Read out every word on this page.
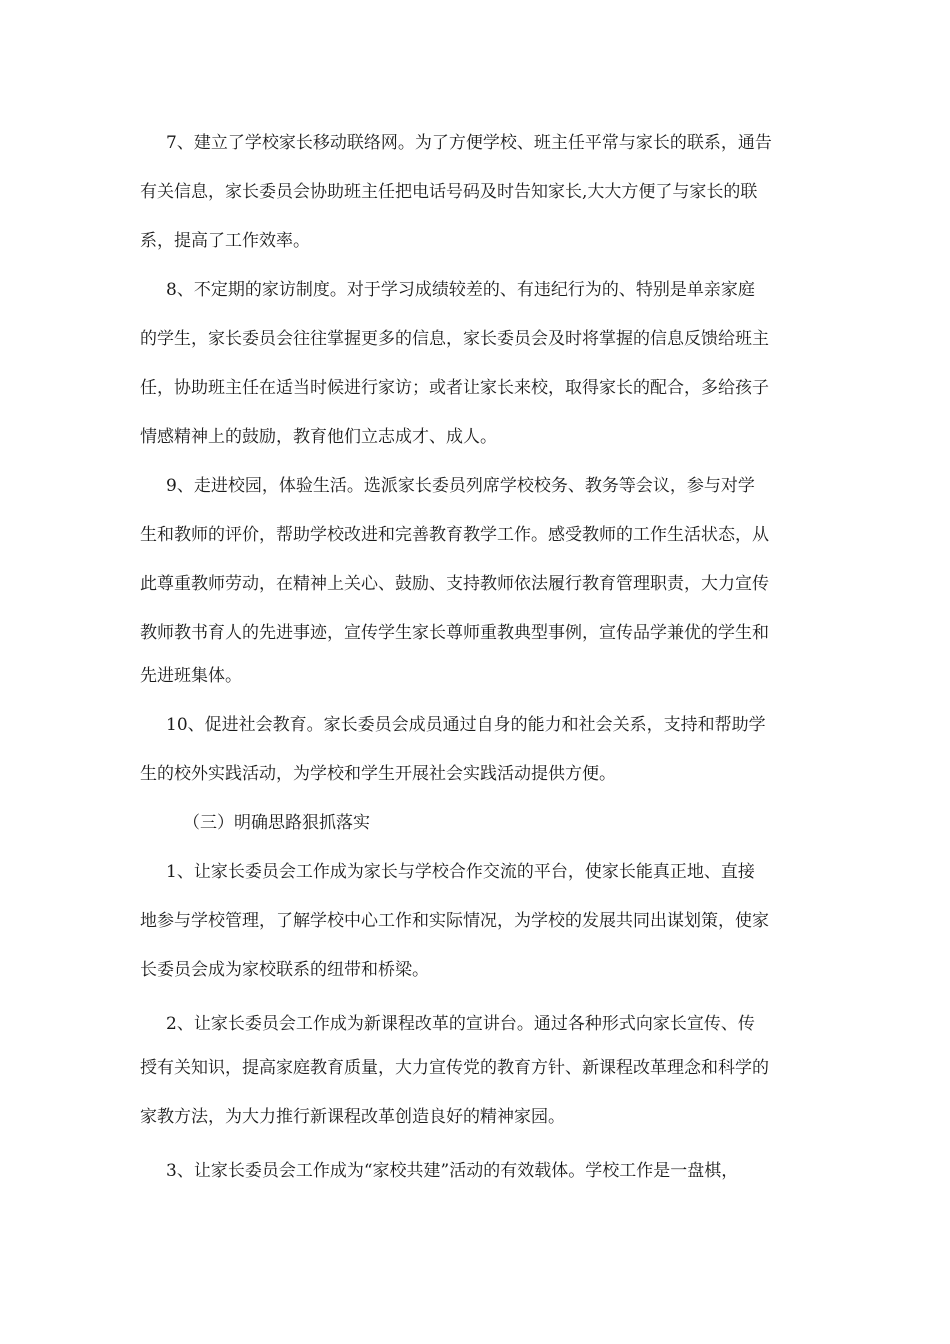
7、建立了学校家长移动联络网。为了方便学校、班主任平常与家长的联系，通告
有关信息，家长委员会协助班主任把电话号码及时告知家长,大大方便了与家长的联
系，提高了工作效率。
8、不定期的家访制度。对于学习成绩较差的、有违纪行为的、特别是单亲家庭
的学生，家长委员会往往掌握更多的信息，家长委员会及时将掌握的信息反馈给班主
任，协助班主任在适当时候进行家访；或者让家长来校，取得家长的配合，多给孩子
情感精神上的鼓励，教育他们立志成才、成人。
9、走进校园，体验生活。选派家长委员列席学校校务、教务等会议，参与对学
生和教师的评价，帮助学校改进和完善教育教学工作。感受教师的工作生活状态，从
此尊重教师劳动，在精神上关心、鼓励、支持教师依法履行教育管理职责，大力宣传
教师教书育人的先进事迹，宣传学生家长尊师重教典型事例，宣传品学兼优的学生和
先进班集体。
10、促进社会教育。家长委员会成员通过自身的能力和社会关系，支持和帮助学
生的校外实践活动，为学校和学生开展社会实践活动提供方便。
（三）明确思路狠抓落实
1、让家长委员会工作成为家长与学校合作交流的平台，使家长能真正地、直接
地参与学校管理，了解学校中心工作和实际情况，为学校的发展共同出谋划策，使家
长委员会成为家校联系的纽带和桥梁。
2、让家长委员会工作成为新课程改革的宣讲台。通过各种形式向家长宣传、传
授有关知识，提高家庭教育质量，大力宣传党的教育方针、新课程改革理念和科学的
家教方法，为大力推行新课程改革创造良好的精神家园。
3、让家长委员会工作成为“家校共建”活动的有效载体。学校工作是一盘棋，
